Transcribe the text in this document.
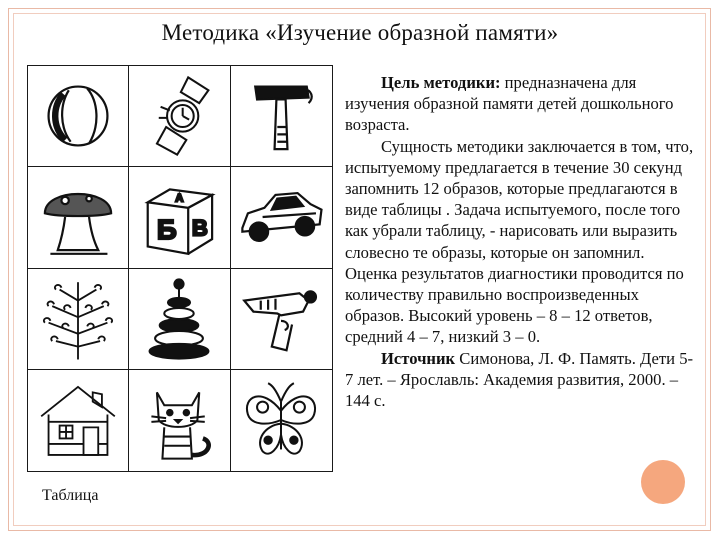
Методика «Изучение образной памяти»
А
Б В
Таблица

Цель методики: предназначена для изучения образной памяти детей дошкольного возраста.

Сущность методики заключается в том, что, испытуемому предлагается в течение 30 секунд запомнить 12 образов, которые предлагаются в виде таблицы . Задача испытуемого, после того как убрали таблицу, - нарисовать или выразить словесно те образы, которые он запомнил. Оценка результатов диагностики проводится по количеству правильно воспроизведенных образов. Высокий уровень – 8 – 12 ответов, средний 4 – 7, низкий 3 – 0.

Источник Симонова, Л. Ф. Память. Дети 5-7 лет. – Ярославль: Академия развития, 2000. – 144 с.
